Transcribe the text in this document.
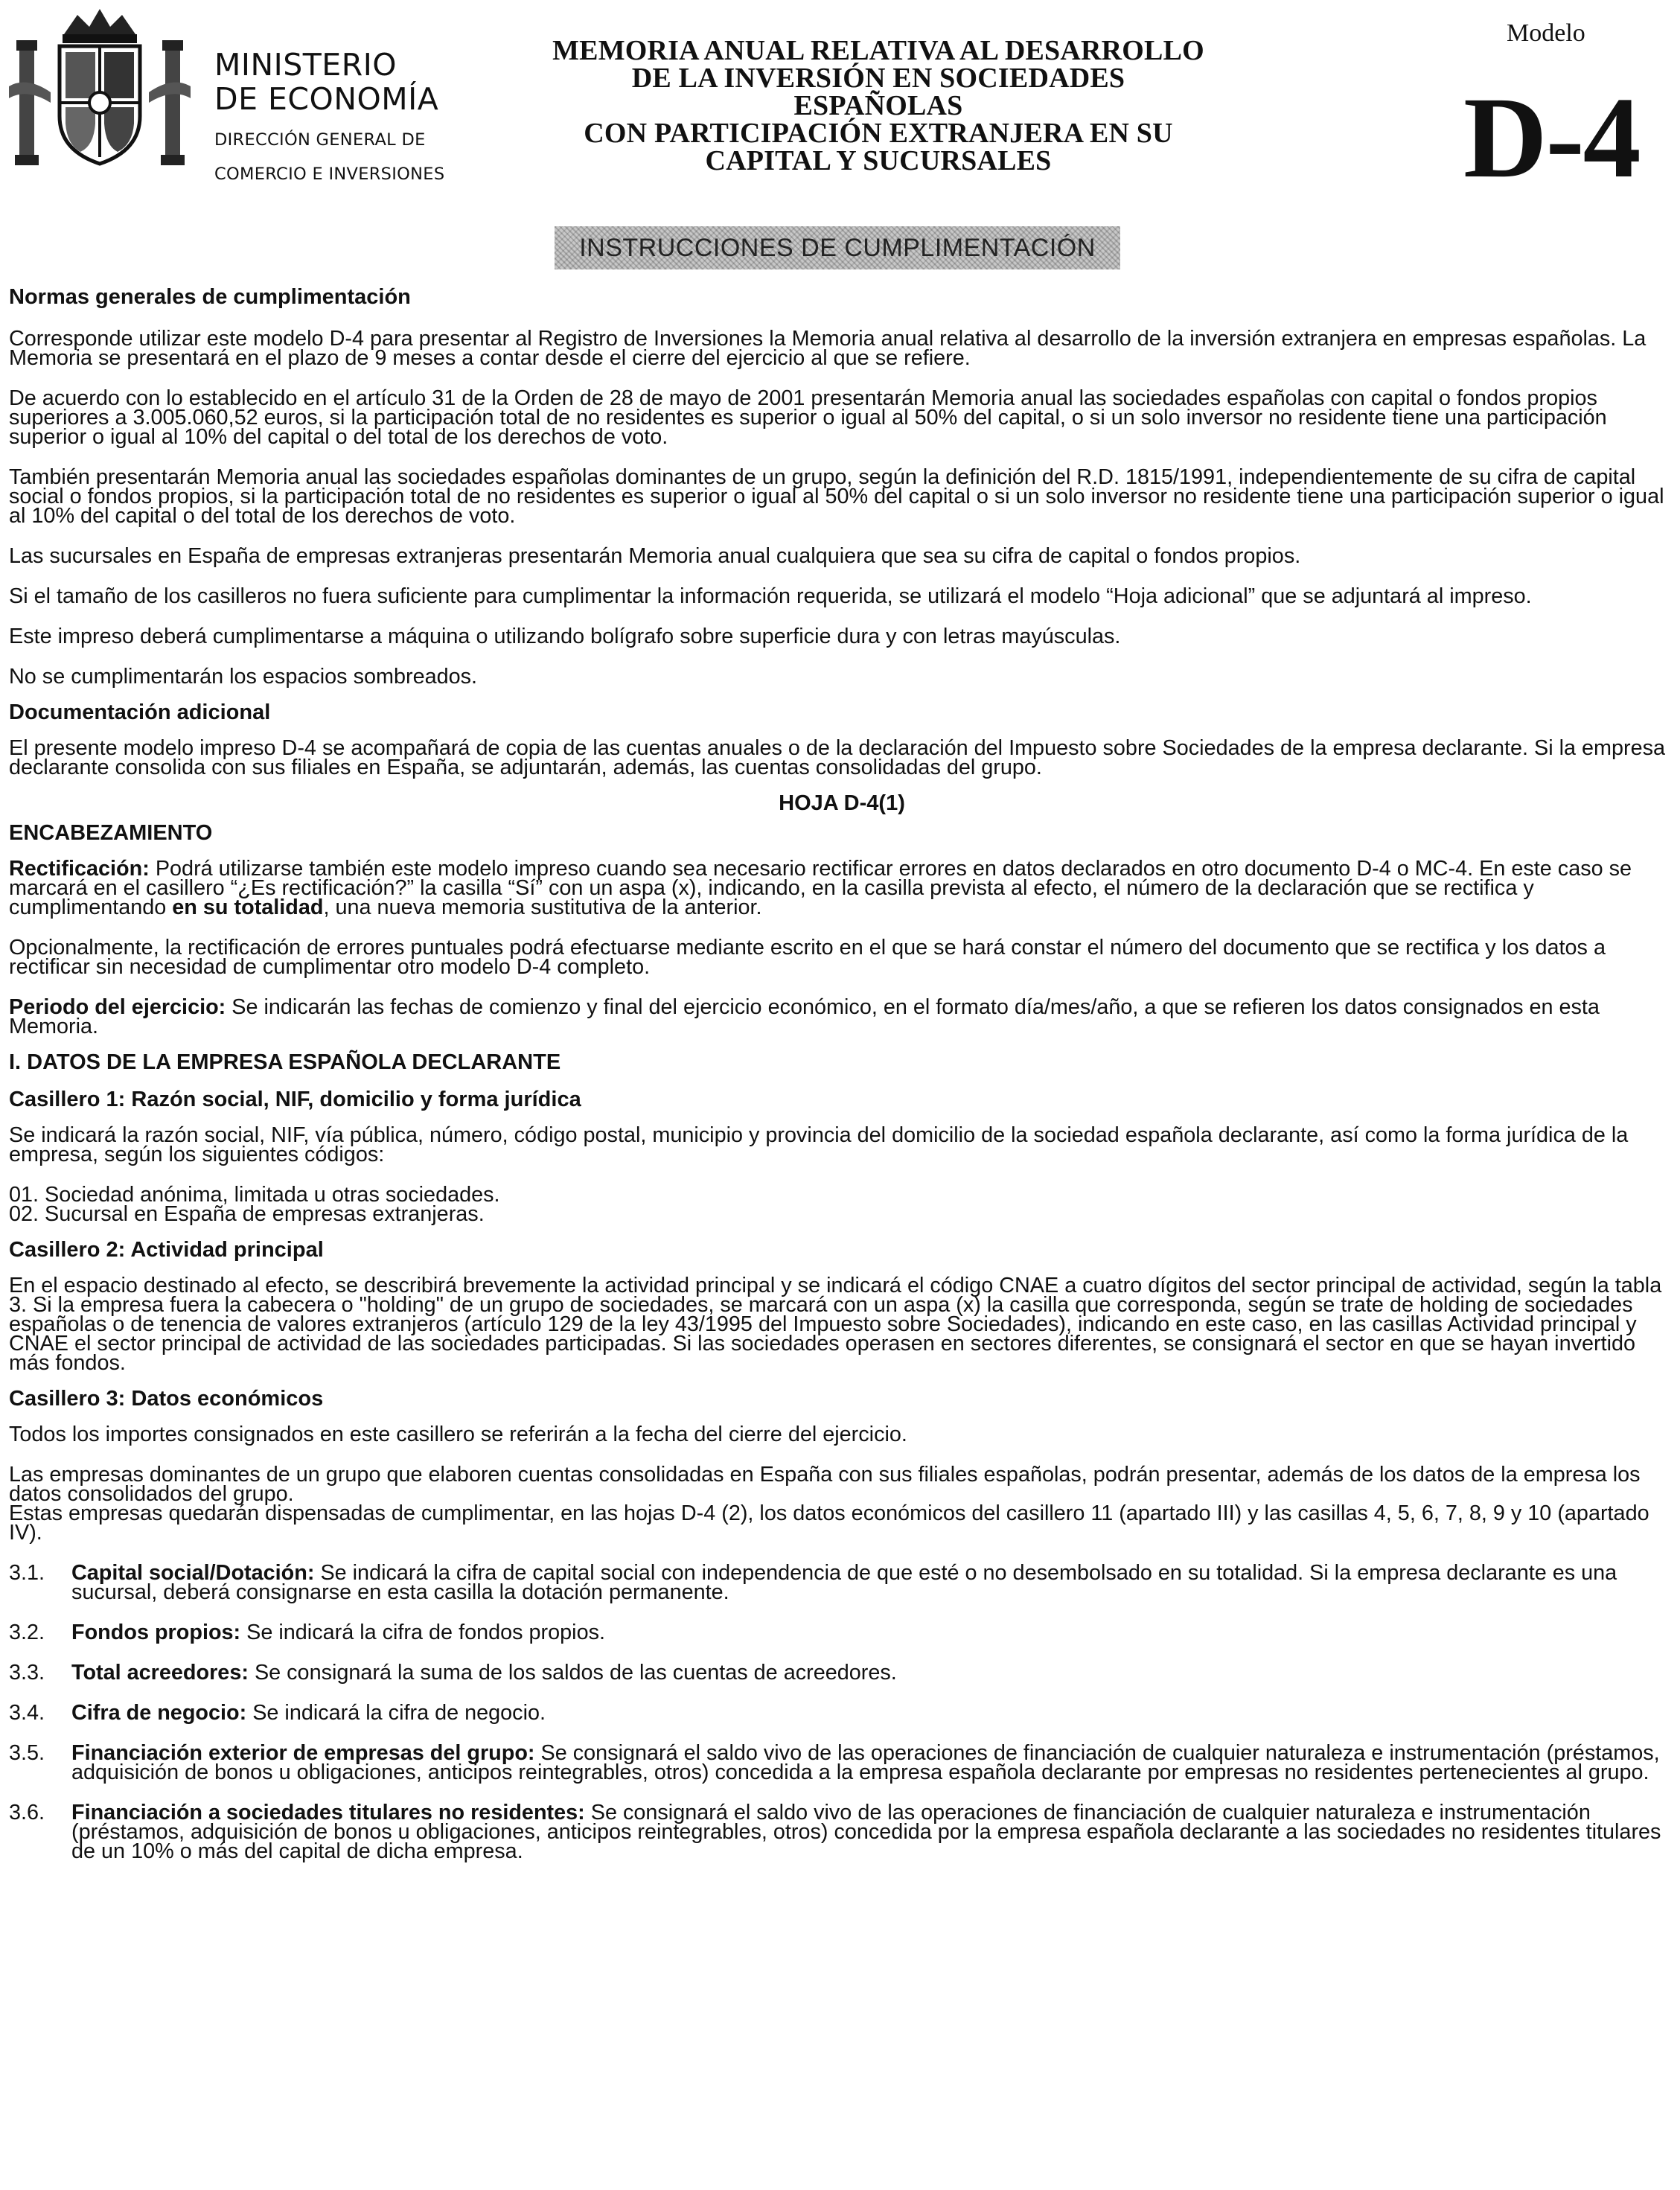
MINISTERIO
DE ECONOMÍA
DIRECCIÓN GENERAL DE
COMERCIO E INVERSIONES
MEMORIA ANUAL RELATIVA AL DESARROLLO
DE LA INVERSIÓN EN SOCIEDADES ESPAÑOLAS
CON PARTICIPACIÓN EXTRANJERA EN SU
CAPITAL Y SUCURSALES
Modelo
D-4
INSTRUCCIONES DE CUMPLIMENTACIÓN
Normas generales de cumplimentación

Corresponde utilizar este modelo D-4 para presentar al Registro de Inversiones la Memoria anual relativa al desarrollo de la inversión extranjera en empresas españolas. La Memoria se presentará en el plazo de 9 meses a contar desde el cierre del ejercicio al que se refiere.

De acuerdo con lo establecido en el artículo 31 de la Orden de 28 de mayo de 2001 presentarán Memoria anual las sociedades españolas con capital o fondos propios superiores a 3.005.060,52 euros, si la participación total de no residentes es superior o igual al 50% del capital, o si un solo inversor no residente tiene una participación superior o igual al 10% del capital o del total de los derechos de voto.

También presentarán Memoria anual las sociedades españolas dominantes de un grupo, según la definición del R.D. 1815/1991, independientemente de su cifra de capital social o fondos propios, si la participación total de no residentes es superior o igual al 50% del capital o si un solo inversor no residente tiene una participación superior o igual al 10% del capital o del total de los derechos de voto.

Las sucursales en España de empresas extranjeras presentarán Memoria anual cualquiera que sea su cifra de capital o fondos propios.

Si el tamaño de los casilleros no fuera suficiente para cumplimentar la información requerida, se utilizará el modelo “Hoja adicional” que se adjuntará al impreso.

Este impreso deberá cumplimentarse a máquina o utilizando bolígrafo sobre superficie dura y con letras mayúsculas.

No se cumplimentarán los espacios sombreados.

Documentación adicional

El presente modelo impreso D-4 se acompañará de copia de las cuentas anuales o de la declaración del Impuesto sobre Sociedades de la empresa declarante. Si la empresa declarante consolida con sus filiales en España, se adjuntarán, además, las cuentas consolidadas del grupo.

HOJA D-4(1)
ENCABEZAMIENTO

Rectificación: Podrá utilizarse también este modelo impreso cuando sea necesario rectificar errores en datos declarados en otro documento D-4 o MC-4. En este caso se marcará en el casillero “¿Es rectificación?” la casilla “Sí” con un aspa (x), indicando, en la casilla prevista al efecto, el número de la declaración que se rectifica y cumplimentando en su totalidad, una nueva memoria sustitutiva de la anterior.

Opcionalmente, la rectificación de errores puntuales podrá efectuarse mediante escrito en el que se hará constar el número del documento que se rectifica y los datos a rectificar sin necesidad de cumplimentar otro modelo D-4 completo.

Periodo del ejercicio: Se indicarán las fechas de comienzo y final del ejercicio económico, en el formato día/mes/año, a que se refieren los datos consignados en esta Memoria.

I. DATOS DE LA EMPRESA ESPAÑOLA DECLARANTE
Casillero 1: Razón social, NIF, domicilio y forma jurídica

Se indicará la razón social, NIF, vía pública, número, código postal, municipio y provincia del domicilio de la sociedad española declarante, así como la forma jurídica de la empresa, según los siguientes códigos:

01. Sociedad anónima, limitada u otras sociedades.

02. Sucursal en España de empresas extranjeras.

Casillero 2: Actividad principal

En el espacio destinado al efecto, se describirá brevemente la actividad principal y se indicará el código CNAE a cuatro dígitos del sector principal de actividad, según la tabla 3. Si la empresa fuera la cabecera o "holding" de un grupo de sociedades, se marcará con un aspa (x) la casilla que corresponda, según se trate de holding de sociedades españolas o de tenencia de valores extranjeros (artículo 129 de la ley 43/1995 del Impuesto sobre Sociedades), indicando en este caso, en las casillas Actividad principal y CNAE el sector principal de actividad de las sociedades participadas. Si las sociedades operasen en sectores diferentes, se consignará el sector en que se hayan invertido más fondos.

Casillero 3: Datos económicos

Todos los importes consignados en este casillero se referirán a la fecha del cierre del ejercicio.

Las empresas dominantes de un grupo que elaboren cuentas consolidadas en España con sus filiales españolas, podrán presentar, además de los datos de la empresa los datos consolidados del grupo.

Estas empresas quedarán dispensadas de cumplimentar, en las hojas D-4 (2), los datos económicos del casillero 11 (apartado III) y las casillas 4, 5, 6, 7, 8, 9 y 10 (apartado IV).

3.1.	Capital social/Dotación: Se indicará la cifra de capital social con independencia de que esté o no desembolsado en su totalidad. Si la empresa declarante es una sucursal, deberá consignarse en esta casilla la dotación permanente.
3.2.	Fondos propios: Se indicará la cifra de fondos propios.
3.3.	Total acreedores: Se consignará la suma de los saldos de las cuentas de acreedores.
3.4.	Cifra de negocio: Se indicará la cifra de negocio.
3.5.	Financiación exterior de empresas del grupo: Se consignará el saldo vivo de las operaciones de financiación de cualquier naturaleza e instrumentación (préstamos, adquisición de bonos u obligaciones, anticipos reintegrables, otros) concedida a la empresa española declarante por empresas no residentes pertenecientes al grupo.
3.6.	Financiación a sociedades titulares no residentes: Se consignará el saldo vivo de las operaciones de financiación de cualquier naturaleza e instrumentación (préstamos, adquisición de bonos u obligaciones, anticipos reintegrables, otros) concedida por la empresa española declarante a las sociedades no residentes titulares de un 10% o más del capital de dicha empresa.
